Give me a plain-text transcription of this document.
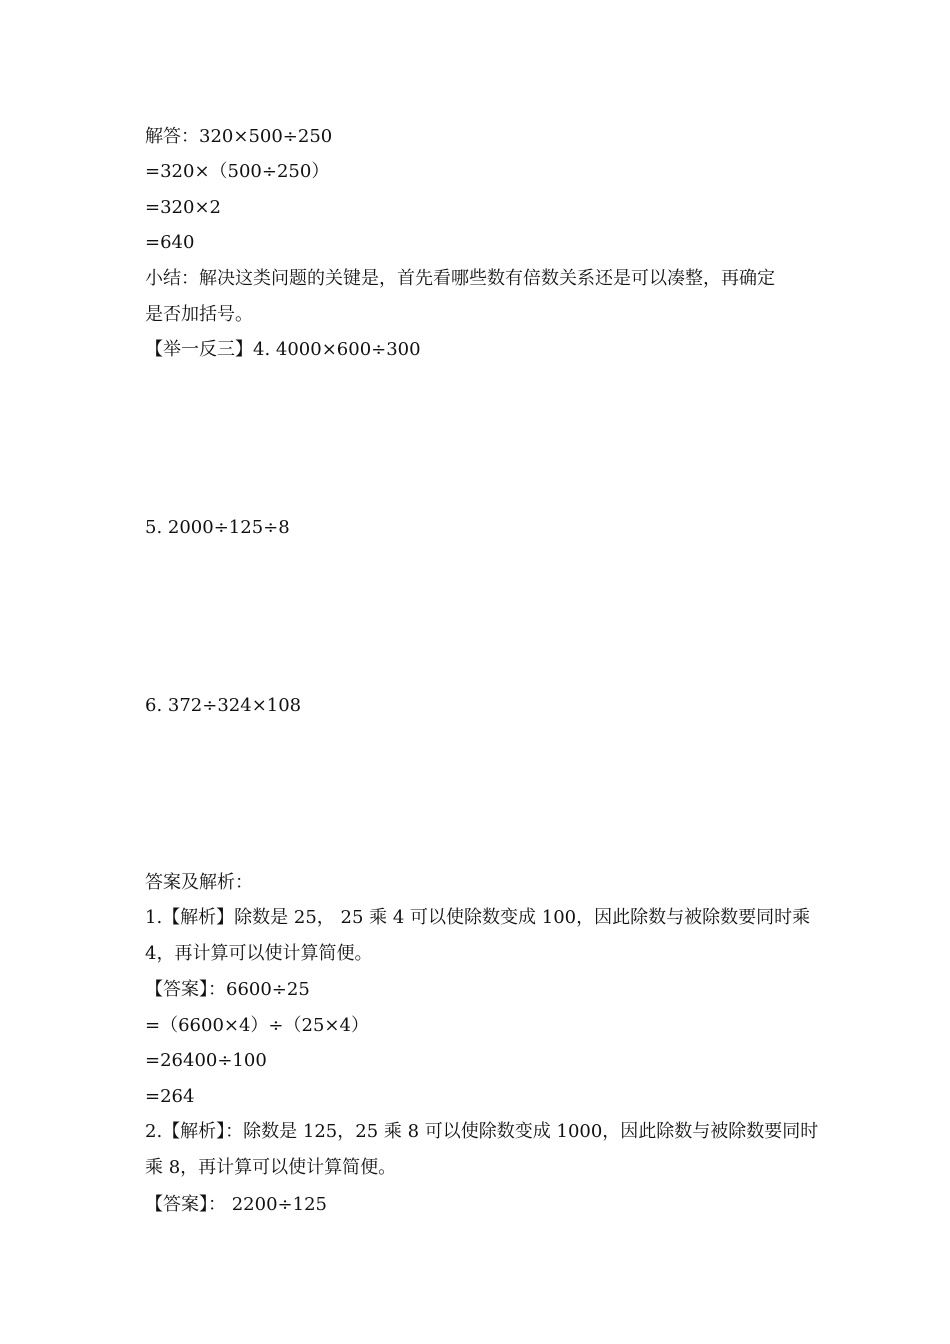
解答：320×500÷250
=320×（500÷250）
=320×2
=640
小结：解决这类问题的关键是，首先看哪些数有倍数关系还是可以凑整，再确定
是否加括号。
【举一反三】4. 4000×600÷300
5. 2000÷125÷8
6. 372÷324×108
答案及解析：
1.【解析】除数是 25， 25 乘 4 可以使除数变成 100，因此除数与被除数要同时乘
4，再计算可以使计算简便。
【答案】：6600÷25
=（6600×4）÷（25×4）
=26400÷100
=264
2.【解析】：除数是 125，25 乘 8 可以使除数变成 1000，因此除数与被除数要同时
乘 8，再计算可以使计算简便。
【答案】： 2200÷125
